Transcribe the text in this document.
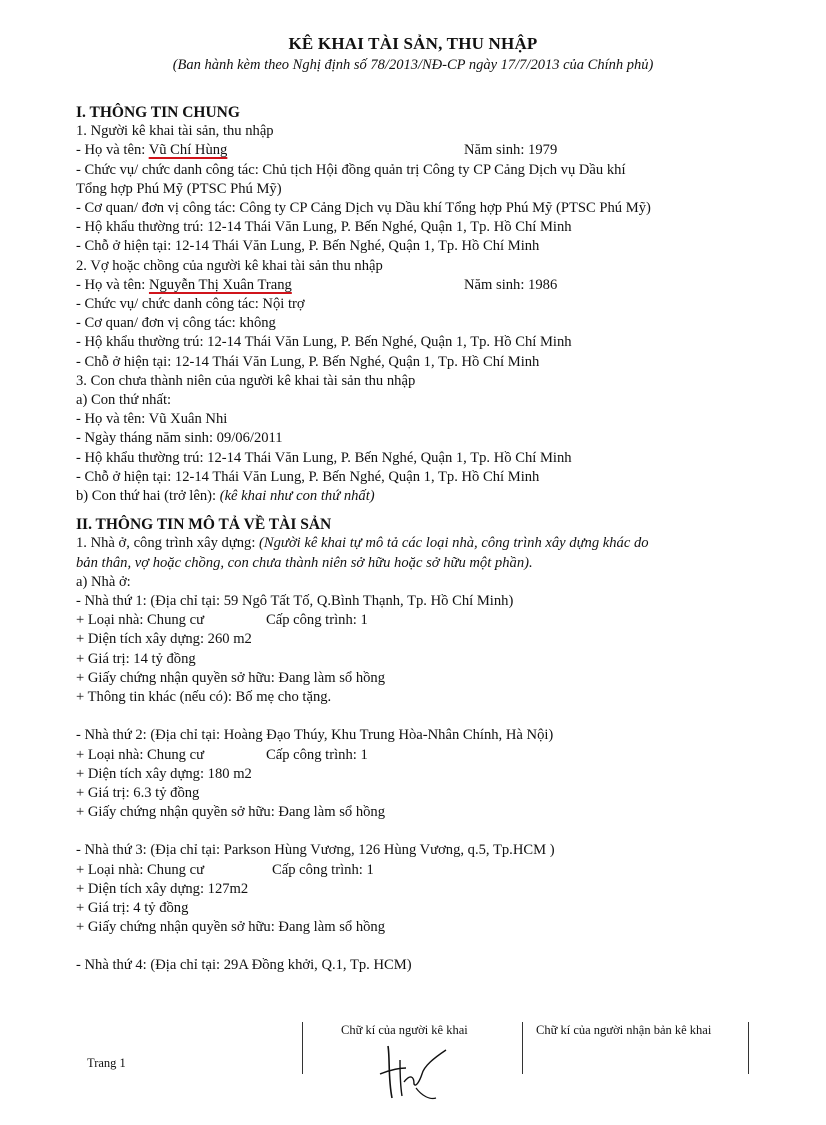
KÊ KHAI TÀI SẢN, THU NHẬP
(Ban hành kèm theo Nghị định số 78/2013/NĐ-CP ngày 17/7/2013 của Chính phủ)
I. THÔNG TIN CHUNG
1. Người kê khai tài sản, thu nhập
- Họ và tên: Vũ Chí Hùng	Năm sinh: 1979
- Chức vụ/ chức danh công tác: Chủ tịch Hội đồng quản trị Công ty CP Cảng Dịch vụ Dầu khí
Tổng hợp Phú Mỹ (PTSC Phú Mỹ)
- Cơ quan/ đơn vị công tác: Công ty CP Cảng Dịch vụ Dầu khí Tổng hợp Phú Mỹ (PTSC Phú Mỹ)
- Hộ khẩu thường trú: 12-14 Thái Văn Lung, P. Bến Nghé, Quận 1, Tp. Hồ Chí Minh
- Chỗ ở hiện tại: 12-14 Thái Văn Lung, P. Bến Nghé, Quận 1, Tp. Hồ Chí Minh
2. Vợ hoặc chồng của người kê khai tài sản thu nhập
- Họ và tên: Nguyễn Thị Xuân Trang	Năm sinh: 1986
- Chức vụ/ chức danh công tác: Nội trợ
- Cơ quan/ đơn vị công tác: không
- Hộ khẩu thường trú: 12-14 Thái Văn Lung, P. Bến Nghé, Quận 1, Tp. Hồ Chí Minh
- Chỗ ở hiện tại: 12-14 Thái Văn Lung, P. Bến Nghé, Quận 1, Tp. Hồ Chí Minh
3. Con chưa thành niên của người kê khai tài sản thu nhập
a) Con thứ nhất:
- Họ và tên: Vũ Xuân Nhi
- Ngày tháng năm sinh: 09/06/2011
- Hộ khẩu thường trú: 12-14 Thái Văn Lung, P. Bến Nghé, Quận 1, Tp. Hồ Chí Minh
- Chỗ ở hiện tại: 12-14 Thái Văn Lung, P. Bến Nghé, Quận 1, Tp. Hồ Chí Minh
b) Con thứ hai (trở lên): (kê khai như con thứ nhất)
II. THÔNG TIN MÔ TẢ VỀ TÀI SẢN
1. Nhà ở, công trình xây dựng: (Người kê khai tự mô tả các loại nhà, công trình xây dựng khác do
bản thân, vợ hoặc chồng, con chưa thành niên sở hữu hoặc sở hữu một phần).
a) Nhà ở:
- Nhà thứ 1: (Địa chỉ tại: 59 Ngô Tất Tố, Q.Bình Thạnh, Tp. Hồ Chí Minh)
+ Loại nhà: Chung cư	Cấp công trình: 1
+ Diện tích xây dựng: 260 m2
+ Giá trị: 14 tỷ đồng
+ Giấy chứng nhận quyền sở hữu: Đang làm sổ hồng
+ Thông tin khác (nếu có): Bố mẹ cho tặng.
- Nhà thứ 2: (Địa chỉ tại: Hoàng Đạo Thúy, Khu Trung Hòa-Nhân Chính, Hà Nội)
+ Loại nhà: Chung cư	Cấp công trình: 1
+ Diện tích xây dựng: 180 m2
+ Giá trị: 6.3 tỷ đồng
+ Giấy chứng nhận quyền sở hữu: Đang làm sổ hồng
- Nhà thứ 3: (Địa chỉ tại: Parkson Hùng Vương, 126 Hùng Vương, q.5, Tp.HCM )
+ Loại nhà: Chung cư	Cấp công trình: 1
+ Diện tích xây dựng: 127m2
+ Giá trị: 4 tỷ đồng
+ Giấy chứng nhận quyền sở hữu: Đang làm sổ hồng
- Nhà thứ 4: (Địa chỉ tại: 29A Đồng khởi, Q.1, Tp. HCM)
Chữ kí của người kê khai	Chữ kí của người nhận bản kê khai
Trang 1
